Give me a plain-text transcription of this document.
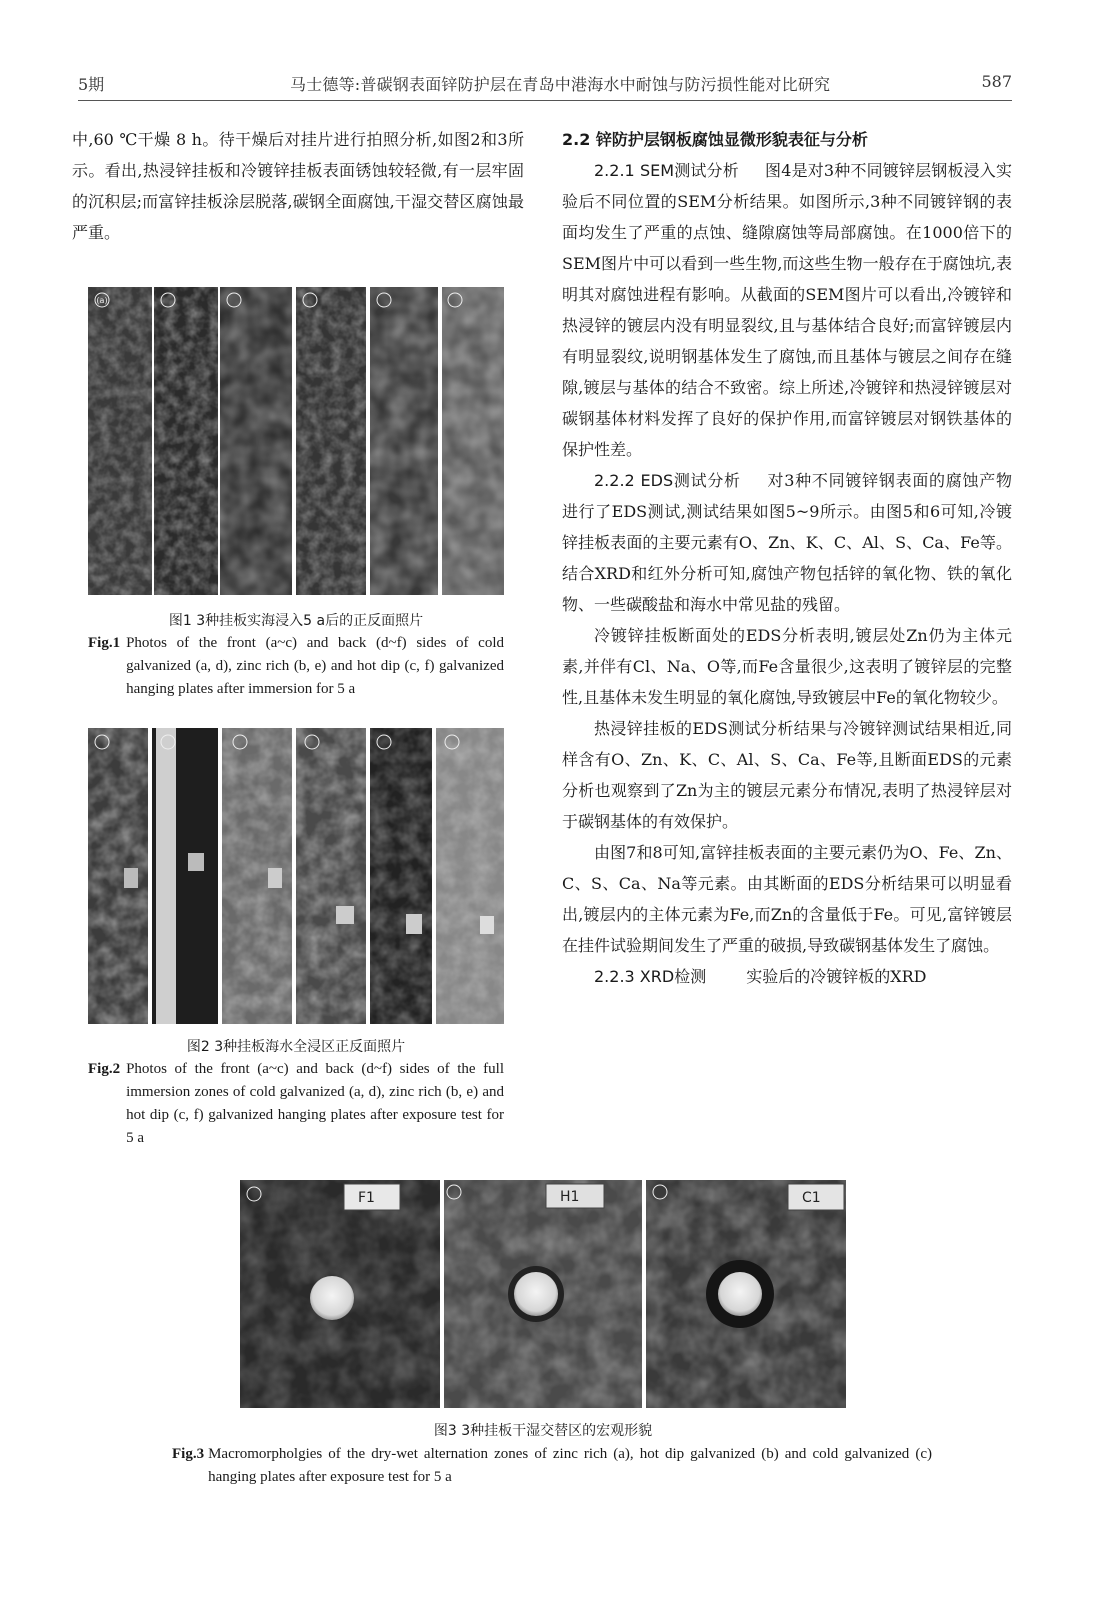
5期	马士德等:普碳钢表面锌防护层在青岛中港海水中耐蚀与防污损性能对比研究	587

中,60 ℃干燥 8 h。待干燥后对挂片进行拍照分析,如图2和3所示。看出,热浸锌挂板和冷镀锌挂板表面锈蚀较轻微,有一层牢固的沉积层;而富锌挂板涂层脱落,碳钢全面腐蚀,干湿交替区腐蚀最严重。

(a)
图1 3种挂板实海浸入5 a后的正反面照片
Fig.1 Photos of the front (a~c) and back (d~f) sides of cold galvanized (a, d), zinc rich (b, e) and hot dip (c, f) galvanized hanging plates after immersion for 5 a
图2 3种挂板海水全浸区正反面照片
Fig.2 Photos of the front (a~c) and back (d~f) sides of the full immersion zones of cold galvanized (a, d), zinc rich (b, e) and hot dip (c, f) galvanized hanging plates after exposure test for 5 a

2.2 锌防护层钢板腐蚀显微形貌表征与分析

2.2.1 SEM测试分析 图4是对3种不同镀锌层钢板浸入实验后不同位置的SEM分析结果。如图所示,3种不同镀锌钢的表面均发生了严重的点蚀、缝隙腐蚀等局部腐蚀。在1000倍下的SEM图片中可以看到一些生物,而这些生物一般存在于腐蚀坑,表明其对腐蚀进程有影响。从截面的SEM图片可以看出,冷镀锌和热浸锌的镀层内没有明显裂纹,且与基体结合良好;而富锌镀层内有明显裂纹,说明钢基体发生了腐蚀,而且基体与镀层之间存在缝隙,镀层与基体的结合不致密。综上所述,冷镀锌和热浸锌镀层对碳钢基体材料发挥了良好的保护作用,而富锌镀层对钢铁基体的保护性差。

2.2.2 EDS测试分析 对3种不同镀锌钢表面的腐蚀产物进行了EDS测试,测试结果如图5~9所示。由图5和6可知,冷镀锌挂板表面的主要元素有O、Zn、K、C、Al、S、Ca、Fe等。结合XRD和红外分析可知,腐蚀产物包括锌的氧化物、铁的氧化物、一些碳酸盐和海水中常见盐的残留。

冷镀锌挂板断面处的EDS分析表明,镀层处Zn仍为主体元素,并伴有Cl、Na、O等,而Fe含量很少,这表明了镀锌层的完整性,且基体未发生明显的氧化腐蚀,导致镀层中Fe的氧化物较少。

热浸锌挂板的EDS测试分析结果与冷镀锌测试结果相近,同样含有O、Zn、K、C、Al、S、Ca、Fe等,且断面EDS的元素分析也观察到了Zn为主的镀层元素分布情况,表明了热浸锌层对于碳钢基体的有效保护。

由图7和8可知,富锌挂板表面的主要元素仍为O、Fe、Zn、C、S、Ca、Na等元素。由其断面的EDS分析结果可以明显看出,镀层内的主体元素为Fe,而Zn的含量低于Fe。可见,富锌镀层在挂件试验期间发生了严重的破损,导致碳钢基体发生了腐蚀。

2.2.3 XRD检测	实验后的冷镀锌板的XRD

F1	H1	C1
图3 3种挂板干湿交替区的宏观形貌
Fig.3 Macromorpholgies of the dry-wet alternation zones of zinc rich (a), hot dip galvanized (b) and cold galvanized (c) hanging plates after exposure test for 5 a
